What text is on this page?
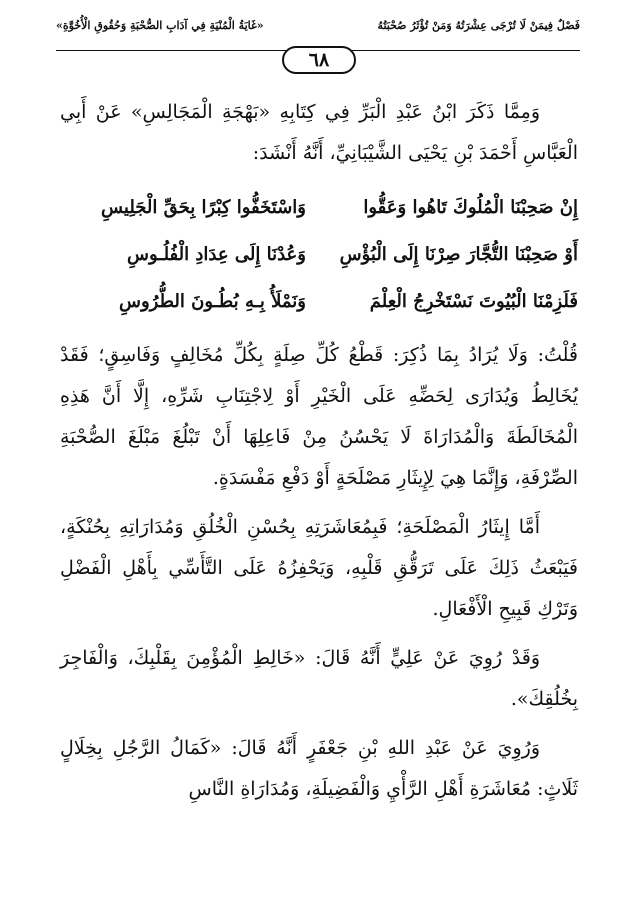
فَصْلٌ فِيمَنْ لَا تُرْجَى عِشْرَتُهُ وَمَنْ تُؤْثَرُ صُحْبَتُهُ
«غَايَةُ الْمُنْيَةِ فِي آدَابِ الصُّحْبَةِ وَحُقُوقِ الْأُخُوَّةِ»
٦٨

وَمِمَّا ذَكَرَ ابْنُ عَبْدِ الْبَرِّ فِي كِتَابِهِ «بَهْجَةِ الْمَجَالِسِ» عَنْ أَبِي الْعَبَّاسِ أَحْمَدَ بْنِ يَحْيَى الشَّيْبَانِيِّ، أَنَّهُ أَنْشَدَ:

إِنْ صَحِبْنَا الْمُلُوكَ تَاهُوا وَعَقُّوا
وَاسْتَخَفُّوا كِبْرًا بِحَقِّ الْجَلِيسِ
أَوْ صَحِبْنَا التُّجَّارَ صِرْنَا إِلَى الْبُؤْسِ
وَعُدْنَا إِلَى عِدَادِ الْفُلُـوسِ
فَلَزِمْنَا الْبُيُوتَ نَسْتَخْرِجُ الْعِلْمَ
وَنَمْلَأُ بِـهِ بُطُـونَ الطُّرُوسِ

قُلْتُ: وَلَا يُرَادُ بِمَا ذُكِرَ: قَطْعُ كُلِّ صِلَةٍ بِكُلِّ مُخَالِفٍ وَفَاسِقٍ؛ فَقَدْ يُخَالِطُ وَيُدَارَى لِحَضِّهِ عَلَى الْخَيْرِ أَوْ لِاجْتِنَابِ شَرِّهِ، إِلَّا أَنَّ هَذِهِ الْمُخَالَطَةَ وَالْمُدَارَاةَ لَا يَحْسُنُ مِنْ فَاعِلِهَا أَنْ تَبْلُغَ مَبْلَغَ الصُّحْبَةِ الصِّرْفَةِ، وَإِنَّمَا هِيَ لِإِيثَارِ مَصْلَحَةٍ أَوْ دَفْعِ مَفْسَدَةٍ.

أَمَّا إِيثَارُ الْمَصْلَحَةِ؛ فَبِمُعَاشَرَتِهِ بِحُسْنِ الْخُلُقِ وَمُدَارَاتِهِ بِحُنْكَةٍ، فَيَبْعَثُ ذَلِكَ عَلَى تَرَقُّقِ قَلْبِهِ، وَيَحْفِزُهُ عَلَى التَّأَسِّي بِأَهْلِ الْفَضْلِ وَتَرْكِ قَبِيحِ الْأَفْعَالِ.

وَقَدْ رُوِيَ عَنْ عَلِيٍّ أَنَّهُ قَالَ: «خَالِطِ الْمُؤْمِنَ بِقَلْبِكَ، وَالْفَاجِرَ بِخُلُقِكَ».

وَرُوِيَ عَنْ عَبْدِ اللهِ بْنِ جَعْفَرٍ أَنَّهُ قَالَ: «كَمَالُ الرَّجُلِ بِخِلَالٍ ثَلَاثٍ: مُعَاشَرَةِ أَهْلِ الرَّأْيِ وَالْفَضِيلَةِ، وَمُدَارَاةِ النَّاسِ
